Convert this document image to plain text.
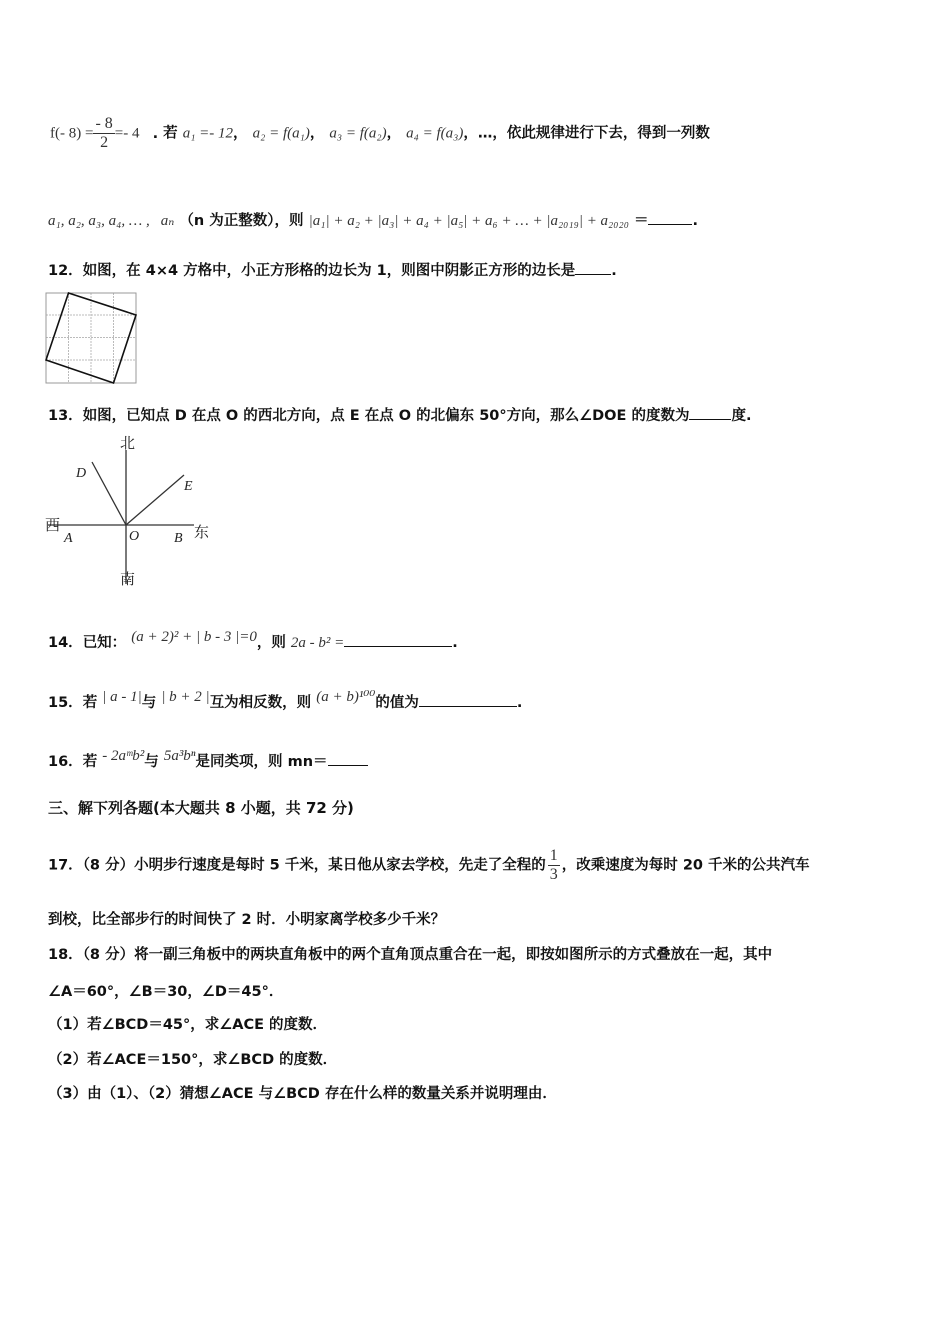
f(- $8) = \frac{- 8}{2} =- 4$ . 若 a₁ =- 12， a₂ = f(a₁)， a₃ = f(a₂)， a₄ = f(a₃)，…，依此规律进行下去，得到一列数
a₁, a₂, a₃, a₄, … , aₙ （n 为正整数），则 |a₁| + a₂ + |a₃| + a₄ + |a₅| + a₆ + … + |a₂₀₁₉| + a₂₀₂₀ ＝	.
12．如图，在 4×4 方格中，小正方形格的边长为 1，则图中阴影正方形的边长是 .
13．如图，已知点 D 在点 O 的西北方向，点 E 在点 O 的北偏东 50°方向，那么∠DOE 的度数为	度.
北
南
西	东
D
E
O
A	B
14．已知： (a + 2)² + | b - 3 |=0，则 2a - b² =	.
15．若 | a - 1|与 | b + 2 |互为相反数，则 (a + b)¹⁰⁰的值为	.
16．若 - 2aᵐb²与 5a³bⁿ是同类项，则 mn＝
三、解下列各题(本大题共 8 小题，共 72 分)
17．（8 分）小明步行速度是每时 5 千米，某日他从家去学校，先走了全程的 $\frac{1}{3}$ ，改乘速度为每时 20 千米的公共汽车
到校，比全部步行的时间快了 2 时．小明家离学校多少千米？
18．（8 分）将一副三角板中的两块直角板中的两个直角顶点重合在一起，即按如图所示的方式叠放在一起，其中
∠A＝60°，∠B＝30，∠D＝45°．
（1）若∠BCD＝45°，求∠ACE 的度数．
（2）若∠ACE＝150°，求∠BCD 的度数．
（3）由（1）、（2）猜想∠ACE 与∠BCD 存在什么样的数量关系并说明理由．
